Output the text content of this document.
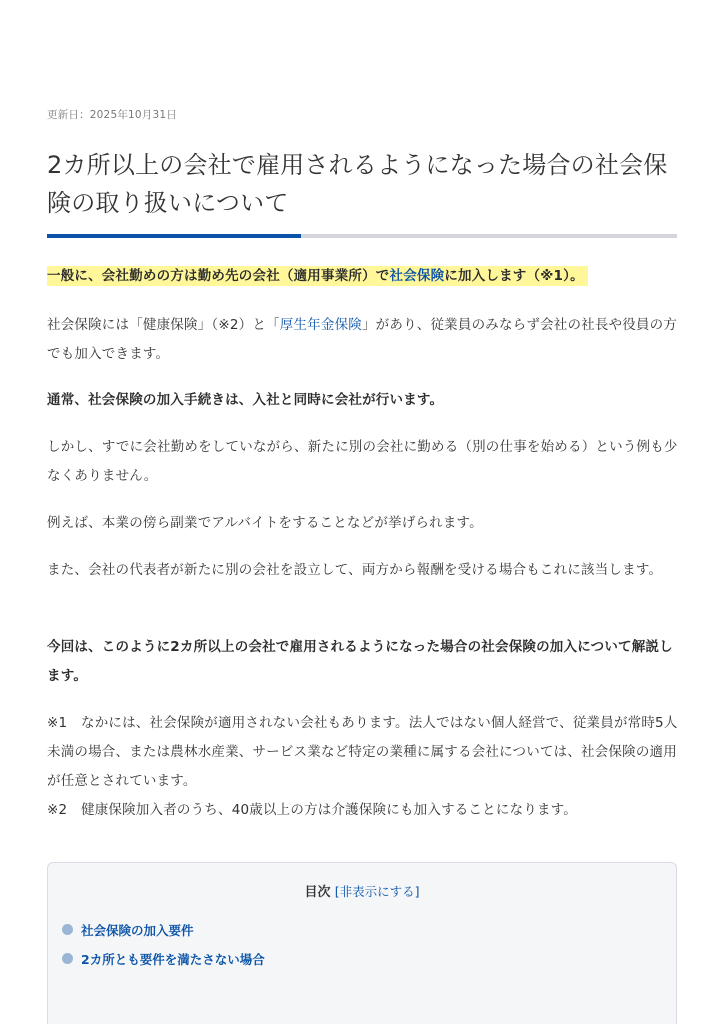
更新日：2025年10月31日
2カ所以上の会社で雇用されるようになった場合の社会保険の取り扱いについて

一般に、会社勤めの方は勤め先の会社（適用事業所）で社会保険に加入します（※1）。

社会保険には「健康保険」（※2）と「厚生年金保険」があり、従業員のみならず会社の社長や役員の方でも加入できます。

通常、社会保険の加入手続きは、入社と同時に会社が行います。

しかし、すでに会社勤めをしていながら、新たに別の会社に勤める（別の仕事を始める）という例も少なくありません。

例えば、本業の傍ら副業でアルバイトをすることなどが挙げられます。

また、会社の代表者が新たに別の会社を設立して、両方から報酬を受ける場合もこれに該当します。

今回は、このように2カ所以上の会社で雇用されるようになった場合の社会保険の加入について解説します。

※1　なかには、社会保険が適用されない会社もあります。法人ではない個人経営で、従業員が常時5人未満の場合、または農林水産業、サービス業など特定の業種に属する会社については、社会保険の適用が任意とされています。

※2　健康保険加入者のうち、40歳以上の方は介護保険にも加入することになります。

目次 [非表示にする]
社会保険の加入要件
2カ所とも要件を満たさない場合
